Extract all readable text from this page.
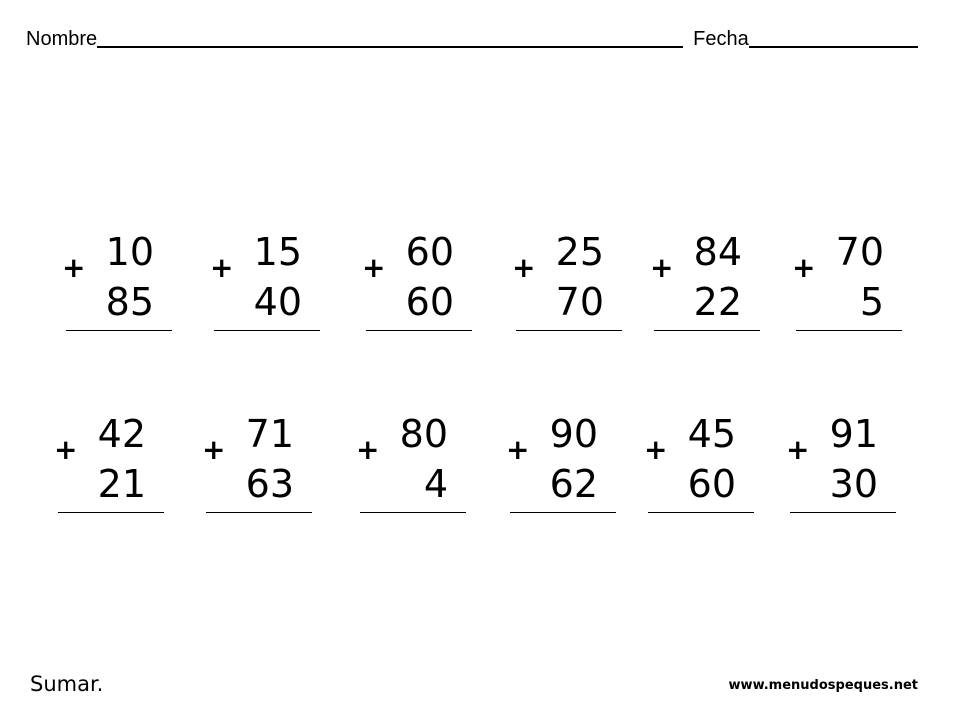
Nombre	Fecha
+ 10
85
+ 15
40
+ 60
60
+ 25
70
+ 84
22
+ 70
5
+ 42
21
+ 71
63
+ 80
4
+ 90
62
+ 45
60
+ 91
30
Sumar.	www.menudospeques.net
